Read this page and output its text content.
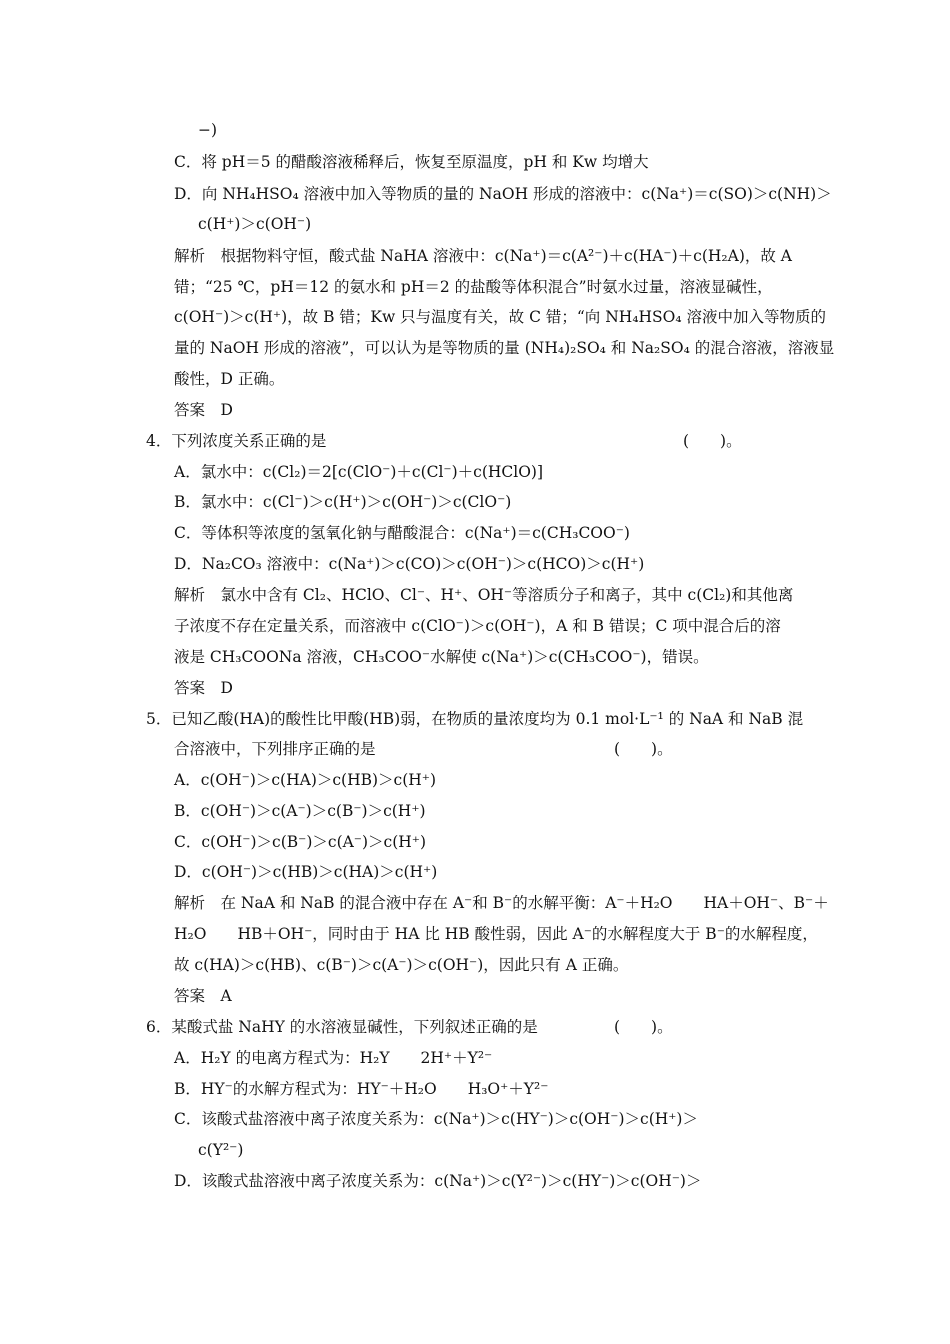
−)
C．将 pH＝5 的醋酸溶液稀释后，恢复至原温度，pH 和 Kw 均增大
D．向 NH₄HSO₄ 溶液中加入等物质的量的 NaOH 形成的溶液中：c(Na⁺)＝c(SO)＞c(NH)＞
c(H⁺)＞c(OH⁻)
解析　根据物料守恒，酸式盐 NaHA 溶液中：c(Na⁺)＝c(A²⁻)＋c(HA⁻)＋c(H₂A)，故 A
错；“25 ℃，pH＝12 的氨水和 pH＝2 的盐酸等体积混合”时氨水过量，溶液显碱性，
c(OH⁻)＞c(H⁺)，故 B 错；Kw 只与温度有关，故 C 错；“向 NH₄HSO₄ 溶液中加入等物质的
量的 NaOH 形成的溶液”，可以认为是等物质的量 (NH₄)₂SO₄ 和 Na₂SO₄ 的混合溶液，溶液显
酸性，D 正确。
答案　D
4．下列浓度关系正确的是	(　　)。
A．氯水中：c(Cl₂)＝2[c(ClO⁻)＋c(Cl⁻)＋c(HClO)]
B．氯水中：c(Cl⁻)＞c(H⁺)＞c(OH⁻)＞c(ClO⁻)
C．等体积等浓度的氢氧化钠与醋酸混合：c(Na⁺)＝c(CH₃COO⁻)
D．Na₂CO₃ 溶液中：c(Na⁺)＞c(CO)＞c(OH⁻)＞c(HCO)＞c(H⁺)
解析　氯水中含有 Cl₂、HClO、Cl⁻、H⁺、OH⁻等溶质分子和离子，其中 c(Cl₂)和其他离
子浓度不存在定量关系，而溶液中 c(ClO⁻)＞c(OH⁻)，A 和 B 错误；C 项中混合后的溶
液是 CH₃COONa 溶液，CH₃COO⁻水解使 c(Na⁺)＞c(CH₃COO⁻)，错误。
答案　D
5．已知乙酸(HA)的酸性比甲酸(HB)弱，在物质的量浓度均为 0.1 mol·L⁻¹ 的 NaA 和 NaB 混
合溶液中，下列排序正确的是	(　　)。
A．c(OH⁻)＞c(HA)＞c(HB)＞c(H⁺)
B．c(OH⁻)＞c(A⁻)＞c(B⁻)＞c(H⁺)
C．c(OH⁻)＞c(B⁻)＞c(A⁻)＞c(H⁺)
D．c(OH⁻)＞c(HB)＞c(HA)＞c(H⁺)
解析　在 NaA 和 NaB 的混合液中存在 A⁻和 B⁻的水解平衡：A⁻＋H₂O　　HA＋OH⁻、B⁻＋
H₂O　　HB＋OH⁻，同时由于 HA 比 HB 酸性弱，因此 A⁻的水解程度大于 B⁻的水解程度，
故 c(HA)＞c(HB)、c(B⁻)＞c(A⁻)＞c(OH⁻)，因此只有 A 正确。
答案　A
6．某酸式盐 NaHY 的水溶液显碱性，下列叙述正确的是	(　　)。
A．H₂Y 的电离方程式为：H₂Y　　2H⁺＋Y²⁻
B．HY⁻的水解方程式为：HY⁻＋H₂O　　H₃O⁺＋Y²⁻
C．该酸式盐溶液中离子浓度关系为：c(Na⁺)＞c(HY⁻)＞c(OH⁻)＞c(H⁺)＞
c(Y²⁻)
D．该酸式盐溶液中离子浓度关系为：c(Na⁺)＞c(Y²⁻)＞c(HY⁻)＞c(OH⁻)＞
